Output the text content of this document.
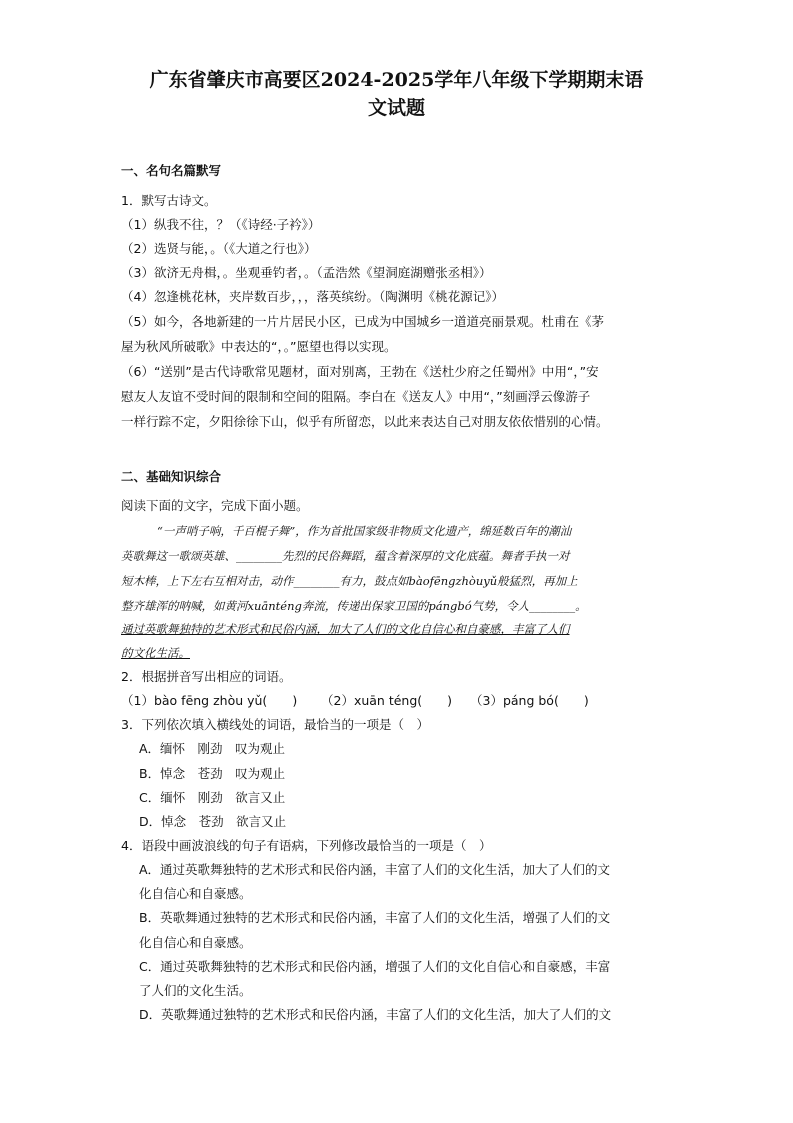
广东省肇庆市高要区2024-2025学年八年级下学期期末语
文试题
一、名句名篇默写
1．默写古诗文。
（1）纵我不往，？（《诗经·子衿》）
（2）选贤与能，。（《大道之行也》）
（3）欲济无舟楫，。坐观垂钓者，。（孟浩然《望洞庭湖赠张丞相》）
（4）忽逢桃花林，夹岸数百步，，，落英缤纷。（陶渊明《桃花源记》）
（5）如今，各地新建的一片片居民小区，已成为中国城乡一道道亮丽景观。杜甫在《茅
屋为秋风所破歌》中表达的“，。”愿望也得以实现。
（6）“送别”是古代诗歌常见题材，面对别离，王勃在《送杜少府之任蜀州》中用“，”安
慰友人友谊不受时间的限制和空间的阻隔。李白在《送友人》中用“，”刻画浮云像游子
一样行踪不定，夕阳徐徐下山，似乎有所留恋，以此来表达自己对朋友依依惜别的心情。
二、基础知识综合
阅读下面的文字，完成下面小题。
“一声哨子响，千百棍子舞”，作为首批国家级非物质文化遗产，绵延数百年的潮汕
英歌舞这一歌颂英雄、________先烈的民俗舞蹈，蕴含着深厚的文化底蕴。舞者手执一对
短木棒，上下左右互相对击，动作________有力，鼓点如bàofēngzhòuyǔ般猛烈，再加上
整齐雄浑的呐喊，如黄河xuānténg奔流，传递出保家卫国的pángbó气势，令人________。
通过英歌舞独特的艺术形式和民俗内涵，加大了人们的文化自信心和自豪感，丰富了人们
的文化生活。
2．根据拼音写出相应的词语。
（1）bào fēng zhòu yǔ(　　) （2）xuān téng(　　) （3）páng bó(　　)
3．下列依次填入横线处的词语，最恰当的一项是（　）
A．缅怀　刚劲　叹为观止
B．悼念　苍劲　叹为观止
C．缅怀　刚劲　欲言又止
D．悼念　苍劲　欲言又止
4．语段中画波浪线的句子有语病，下列修改最恰当的一项是（　）
A．通过英歌舞独特的艺术形式和民俗内涵，丰富了人们的文化生活，加大了人们的文
化自信心和自豪感。
B．英歌舞通过独特的艺术形式和民俗内涵，丰富了人们的文化生活，增强了人们的文
化自信心和自豪感。
C．通过英歌舞独特的艺术形式和民俗内涵，增强了人们的文化自信心和自豪感，丰富
了人们的文化生活。
D．英歌舞通过独特的艺术形式和民俗内涵，丰富了人们的文化生活，加大了人们的文
